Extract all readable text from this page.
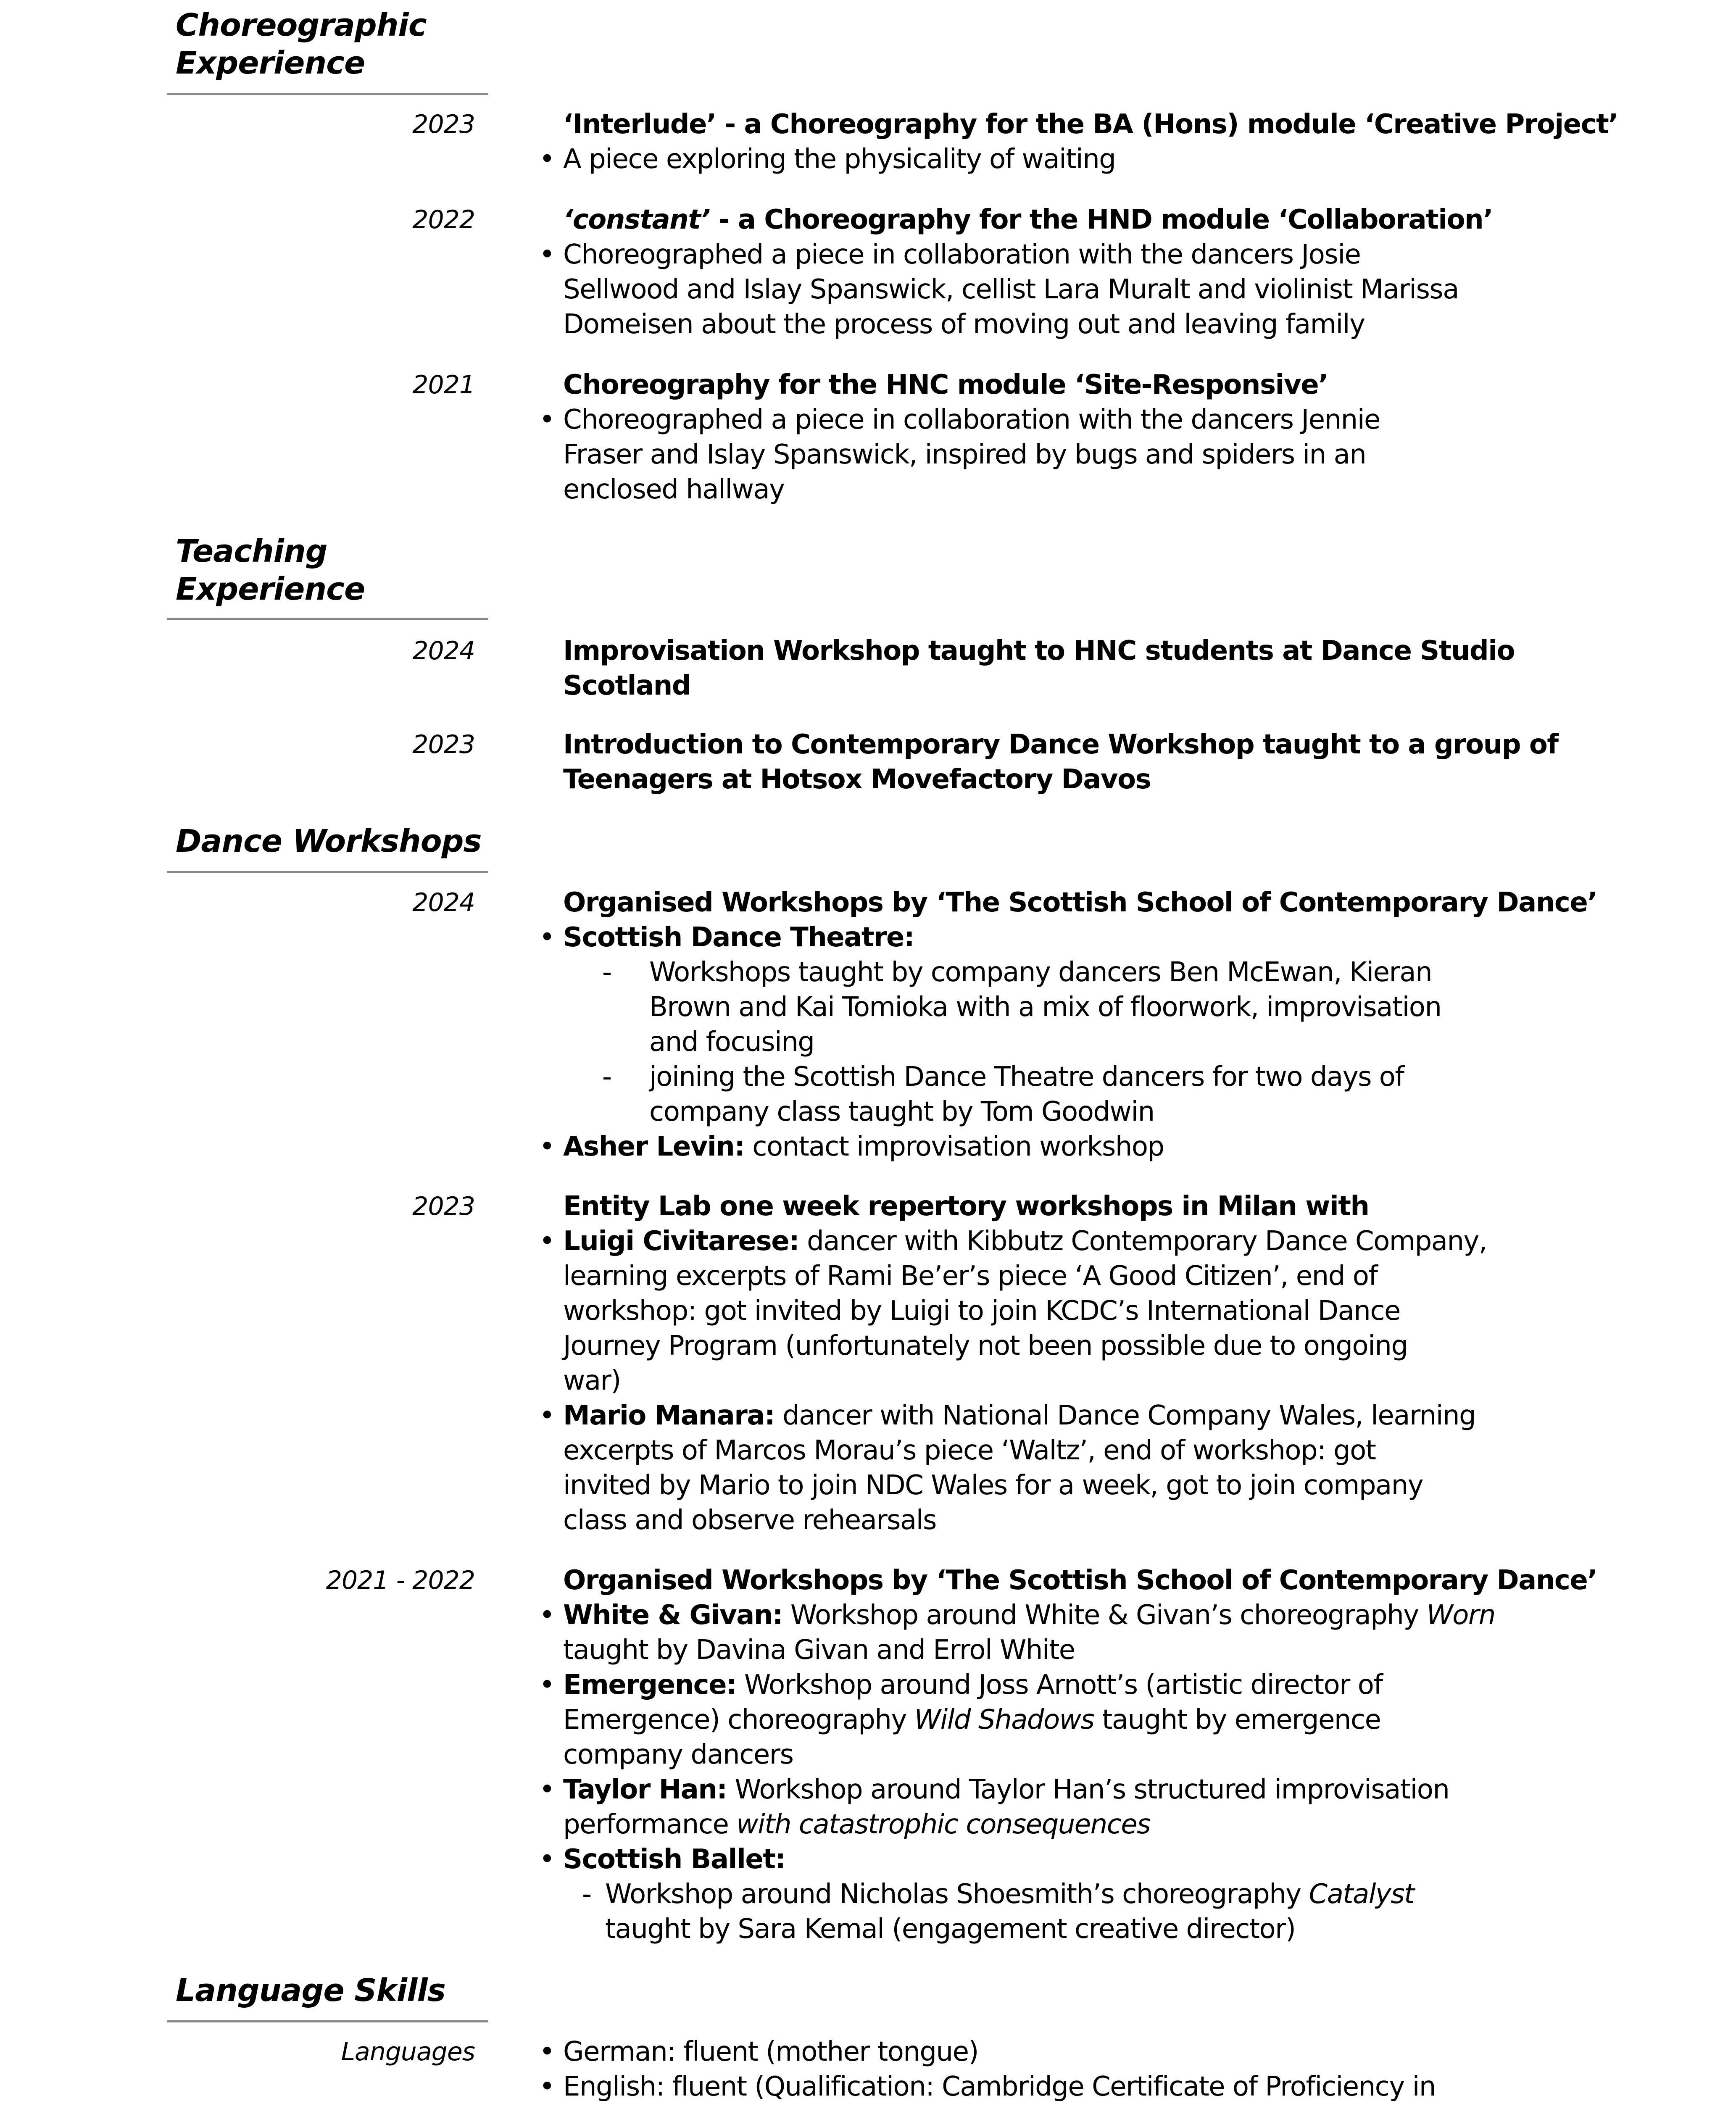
Choreographic
Experience
2023	‘Interlude’ - a Choreography for the BA (Hons) module ‘Creative Project’
• A piece exploring the physicality of waiting
2022	‘constant’ - a Choreography for the HND module ‘Collaboration’
• Choreographed a piece in collaboration with the dancers Josie
Sellwood and Islay Spanswick, cellist Lara Muralt and violinist Marissa
Domeisen about the process of moving out and leaving family
2021	Choreography for the HNC module ‘Site-Responsive’
• Choreographed a piece in collaboration with the dancers Jennie
Fraser and Islay Spanswick, inspired by bugs and spiders in an
enclosed hallway
Teaching
Experience
2024	Improvisation Workshop taught to HNC students at Dance Studio
Scotland
2023	Introduction to Contemporary Dance Workshop taught to a group of
Teenagers at Hotsox Movefactory Davos
Dance Workshops
2024	Organised Workshops by ‘The Scottish School of Contemporary Dance’
• Scottish Dance Theatre:
- Workshops taught by company dancers Ben McEwan, Kieran
Brown and Kai Tomioka with a mix of floorwork, improvisation
and focusing
- joining the Scottish Dance Theatre dancers for two days of
company class taught by Tom Goodwin
• Asher Levin: contact improvisation workshop
2023	Entity Lab one week repertory workshops in Milan with
• Luigi Civitarese: dancer with Kibbutz Contemporary Dance Company,
learning excerpts of Rami Be’er’s piece ‘A Good Citizen’, end of
workshop: got invited by Luigi to join KCDC’s International Dance
Journey Program (unfortunately not been possible due to ongoing
war)
• Mario Manara: dancer with National Dance Company Wales, learning
excerpts of Marcos Morau’s piece ‘Waltz’, end of workshop: got
invited by Mario to join NDC Wales for a week, got to join company
class and observe rehearsals
2021 - 2022	Organised Workshops by ‘The Scottish School of Contemporary Dance’
• White & Givan: Workshop around White & Givan’s choreography Worn
taught by Davina Givan and Errol White
• Emergence: Workshop around Joss Arnott’s (artistic director of
Emergence) choreography Wild Shadows taught by emergence
company dancers
• Taylor Han: Workshop around Taylor Han’s structured improvisation
performance with catastrophic consequences
• Scottish Ballet:
- Workshop around Nicholas Shoesmith’s choreography Catalyst
taught by Sara Kemal (engagement creative director)
Language Skills
Languages • German: fluent (mother tongue)
• English: fluent (Qualification: Cambridge Certificate of Proficiency in
